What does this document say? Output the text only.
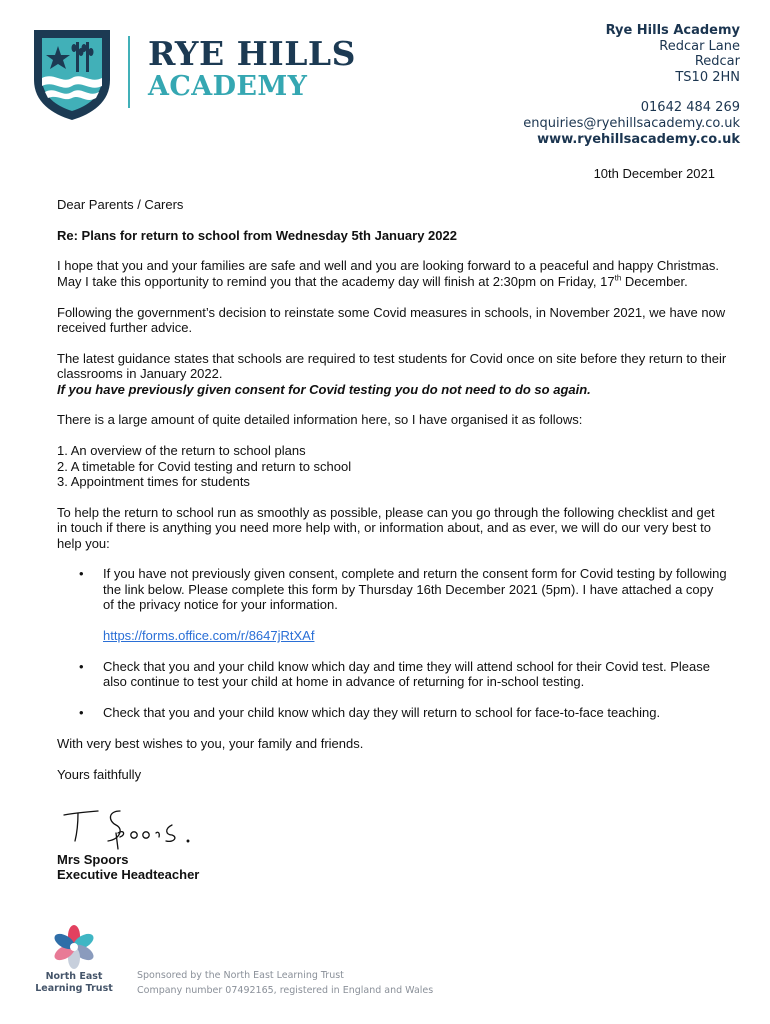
RYE HILLS
ACADEMY
Rye Hills Academy
Redcar Lane
Redcar
TS10 2HN
01642 484 269
enquiries@ryehillsacademy.co.uk
www.ryehillsacademy.co.uk
10th December 2021

Dear Parents / Carers

Re: Plans for return to school from Wednesday 5th January 2022

I hope that you and your families are safe and well and you are looking forward to a peaceful and happy Christmas. May I take this opportunity to remind you that the academy day will finish at 2:30pm on Friday, 17th December.

Following the government’s decision to reinstate some Covid measures in schools, in November 2021, we have now received further advice.

The latest guidance states that schools are required to test students for Covid once on site before they return to their classrooms in January 2022.
If you have previously given consent for Covid testing you do not need to do so again.

There is a large amount of quite detailed information here, so I have organised it as follows:

1. An overview of the return to school plans
2. A timetable for Covid testing and return to school
3. Appointment times for students

To help the return to school run as smoothly as possible, please can you go through the following checklist and get in touch if there is anything you need more help with, or information about, and as ever, we will do our very best to help you:

• If you have not previously given consent, complete and return the consent form for Covid testing by following the link below. Please complete this form by Thursday 16th December 2021 (5pm). I have attached a copy of the privacy notice for your information.
https://forms.office.com/r/8647jRtXAf
• Check that you and your child know which day and time they will attend school for their Covid test. Please also continue to test your child at home in advance of returning for in-school testing.
• Check that you and your child know which day they will return to school for face-to-face teaching.

With very best wishes to you, your family and friends.

Yours faithfully

Mrs Spoors
Executive Headteacher
North East
Learning Trust
Sponsored by the North East Learning Trust
Company number 07492165, registered in England and Wales
